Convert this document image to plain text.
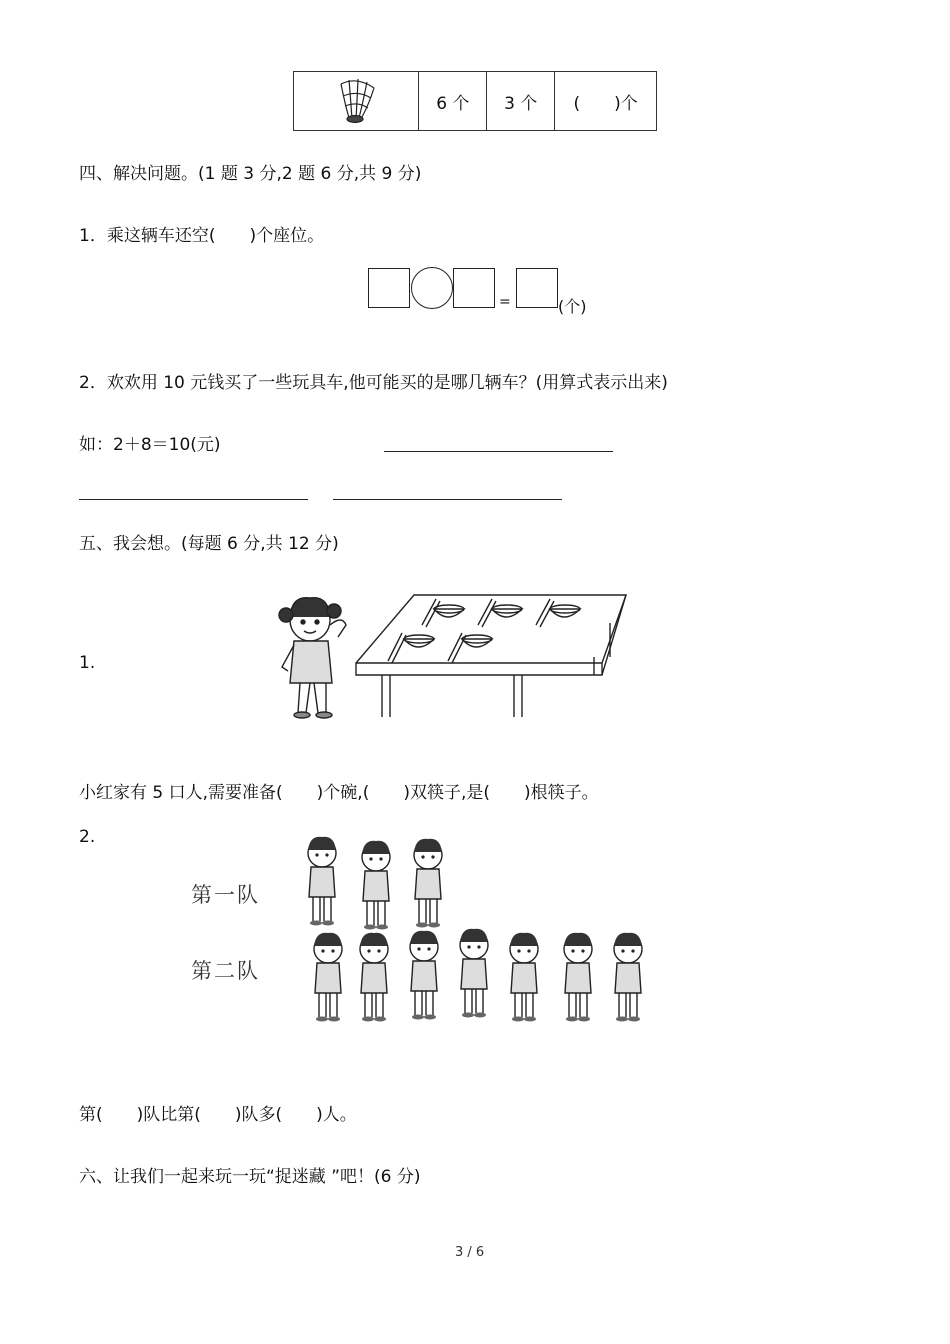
	6 个	3 个	(　　)个
四、解决问题。(1 题 3 分,2 题 6 分,共 9 分)
1．乘这辆车还空(　　)个座位。
=	(个)
2．欢欢用 10 元钱买了一些玩具车,他可能买的是哪几辆车？(用算式表示出来)
如：2＋8＝10(元)
五、我会想。(每题 6 分,共 12 分)
1.
小红家有 5 口人,需要准备(　　)个碗,(　　)双筷子,是(　　)根筷子。
2.
第一队
第二队
第(　　)队比第(　　)队多(　　)人。
六、让我们一起来玩一玩“捉迷藏 ”吧！(6 分)
3 / 6
